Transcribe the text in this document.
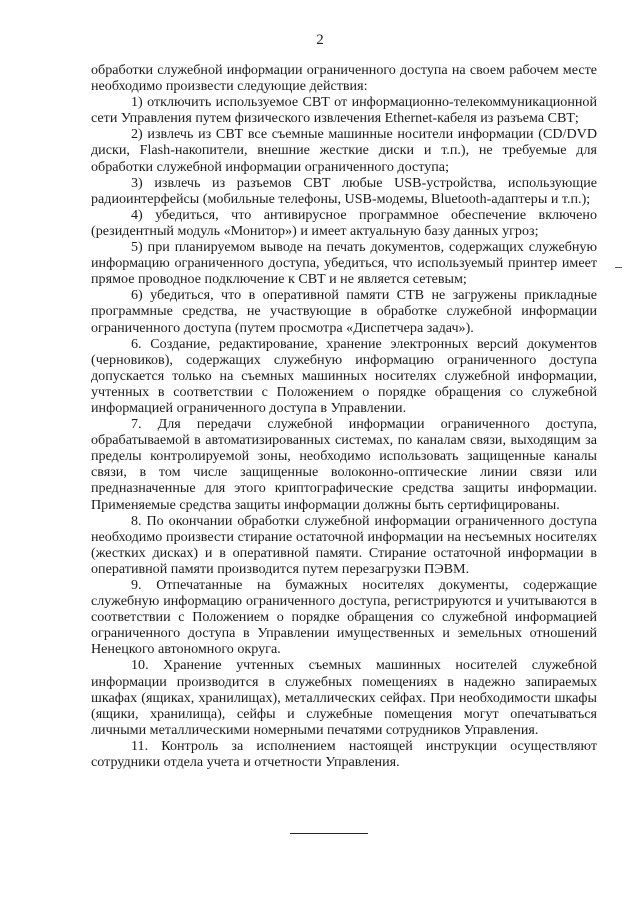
2

обработки служебной информации ограниченного доступа на своем рабочем месте необходимо произвести следующие действия:

1) отключить используемое СВТ от информационно-телекоммуникационной сети Управления путем физического извлечения Ethernet-кабеля из разъема СВТ;

2) извлечь из СВТ все съемные машинные носители информации (CD/DVD диски, Flash-накопители, внешние жесткие диски и т.п.), не требуемые для обработки служебной информации ограниченного доступа;

3) извлечь из разъемов СВТ любые USB-устройства, использующие радиоинтерфейсы (мобильные телефоны, USB-модемы, Bluetooth-адаптеры и т.п.);

4) убедиться, что антивирусное программное обеспечение включено (резидентный модуль «Монитор») и имеет актуальную базу данных угроз;

5) при планируемом выводе на печать документов, содержащих служебную информацию ограниченного доступа, убедиться, что используемый принтер имеет прямое проводное подключение к СВТ и не является сетевым;

6) убедиться, что в оперативной памяти СТВ не загружены прикладные программные средства, не участвующие в обработке служебной информации ограниченного доступа (путем просмотра «Диспетчера задач»).

6. Создание, редактирование, хранение электронных версий документов (черновиков), содержащих служебную информацию ограниченного доступа допускается только на съемных машинных носителях служебной информации, учтенных в соответствии с Положением о порядке обращения со служебной информацией ограниченного доступа в Управлении.

7. Для передачи служебной информации ограниченного доступа, обрабатываемой в автоматизированных системах, по каналам связи, выходящим за пределы контролируемой зоны, необходимо использовать защищенные каналы связи, в том числе защищенные волоконно-оптические линии связи или предназначенные для этого криптографические средства защиты информации. Применяемые средства защиты информации должны быть сертифицированы.

8. По окончании обработки служебной информации ограниченного доступа необходимо произвести стирание остаточной информации на несъемных носителях (жестких дисках) и в оперативной памяти. Стирание остаточной информации в оперативной памяти производится путем перезагрузки ПЭВМ.

9. Отпечатанные на бумажных носителях документы, содержащие служебную информацию ограниченного доступа, регистрируются и учитываются в соответствии с Положением о порядке обращения со служебной информацией ограниченного доступа в Управлении имущественных и земельных отношений Ненецкого автономного округа.

10. Хранение учтенных съемных машинных носителей служебной информации производится в служебных помещениях в надежно запираемых шкафах (ящиках, хранилищах), металлических сейфах. При необходимости шкафы (ящики, хранилища), сейфы и служебные помещения могут опечатываться личными металлическими номерными печатями сотрудников Управления.

11. Контроль за исполнением настоящей инструкции осуществляют сотрудники отдела учета и отчетности Управления.
